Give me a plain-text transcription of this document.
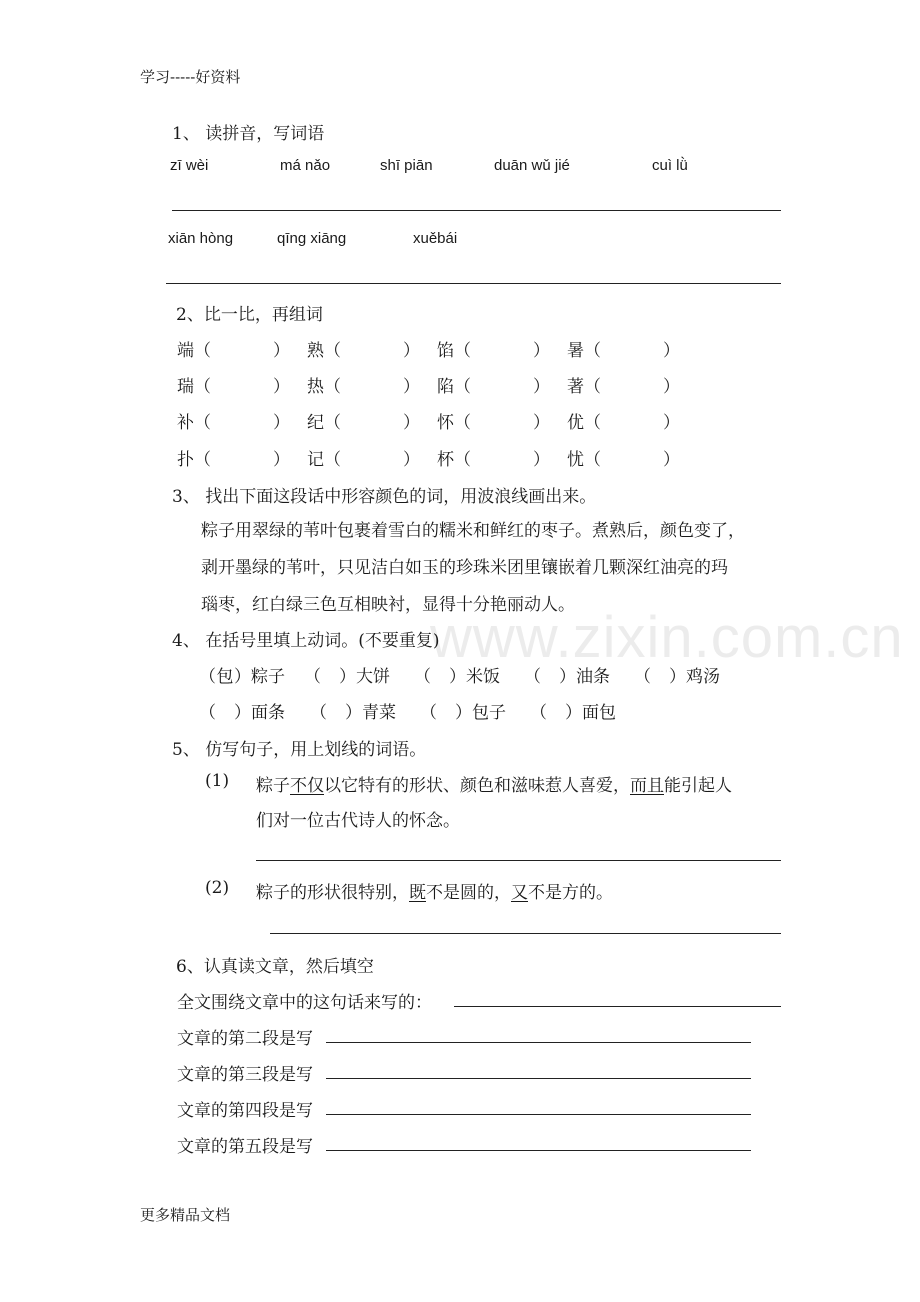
www.zixin.com.cn
学习-----好资料
1、 读拼音，写词语
zī wèi	má nǎo	shī piān	duān wǔ jié	cuì lǜ
xiān hòng	qīng xiāng	xuěbái
2、比一比，再组词
端（	） 熟（	） 馅（	） 暑（	）
瑞（	） 热（	） 陷（	） 著（	）
补（	） 纪（	） 怀（	） 优（	）
扑（	） 记（	） 杯（	） 忧（	）
3、 找出下面这段话中形容颜色的词，用波浪线画出来。
粽子用翠绿的苇叶包裹着雪白的糯米和鲜红的枣子。煮熟后，颜色变了，
剥开墨绿的苇叶，只见洁白如玉的珍珠米团里镶嵌着几颗深红油亮的玛
瑙枣，红白绿三色互相映衬，显得十分艳丽动人。
4、 在括号里填上动词。(不要重复)
（包）粽子 （ ）大饼 （ ）米饭 （ ）油条 （ ）鸡汤
（ ）面条 （ ）青菜 （ ）包子 （ ）面包
5、 仿写句子，用上划线的词语。
(1) 粽子不仅以它特有的形状、颜色和滋味惹人喜爱，而且能引起人
们对一位古代诗人的怀念。
(2) 粽子的形状很特别，既不是圆的，又不是方的。
6、认真读文章，然后填空
全文围绕文章中的这句话来写的：
文章的第二段是写
文章的第三段是写
文章的第四段是写
文章的第五段是写
更多精品文档
